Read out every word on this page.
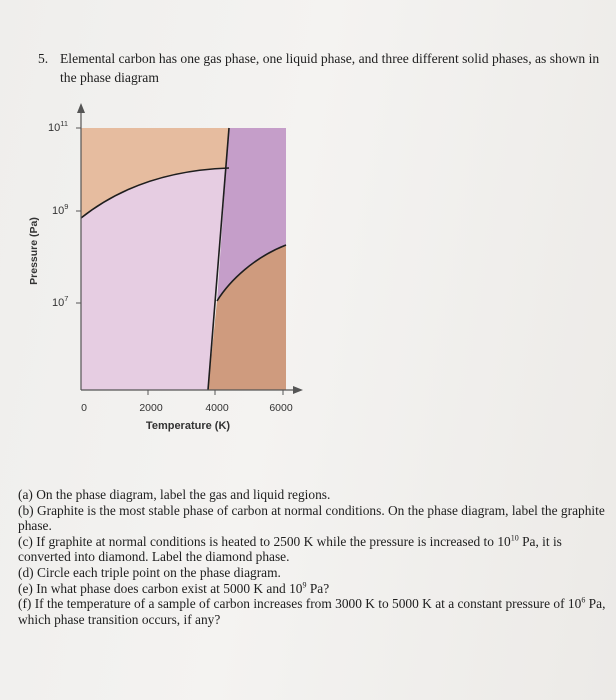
5. Elemental carbon has one gas phase, one liquid phase, and three different solid phases, as shown in the phase diagram
$10^{11}$
$10^9$
$10^7$
0	2000	4000	6000
Temperature (K)
Pressure (Pa)

(a) On the phase diagram, label the gas and liquid regions.

(b) Graphite is the most stable phase of carbon at normal conditions. On the phase diagram, label the graphite phase.

(c) If graphite at normal conditions is heated to 2500 K while the pressure is increased to $10^{10}$ Pa, it is converted into diamond. Label the diamond phase.

(d) Circle each triple point on the phase diagram.

(e) In what phase does carbon exist at 5000 K and $10^9$ Pa?

(f) If the temperature of a sample of carbon increases from 3000 K to 5000 K at a constant pressure of $10^6$ Pa, which phase transition occurs, if any?
